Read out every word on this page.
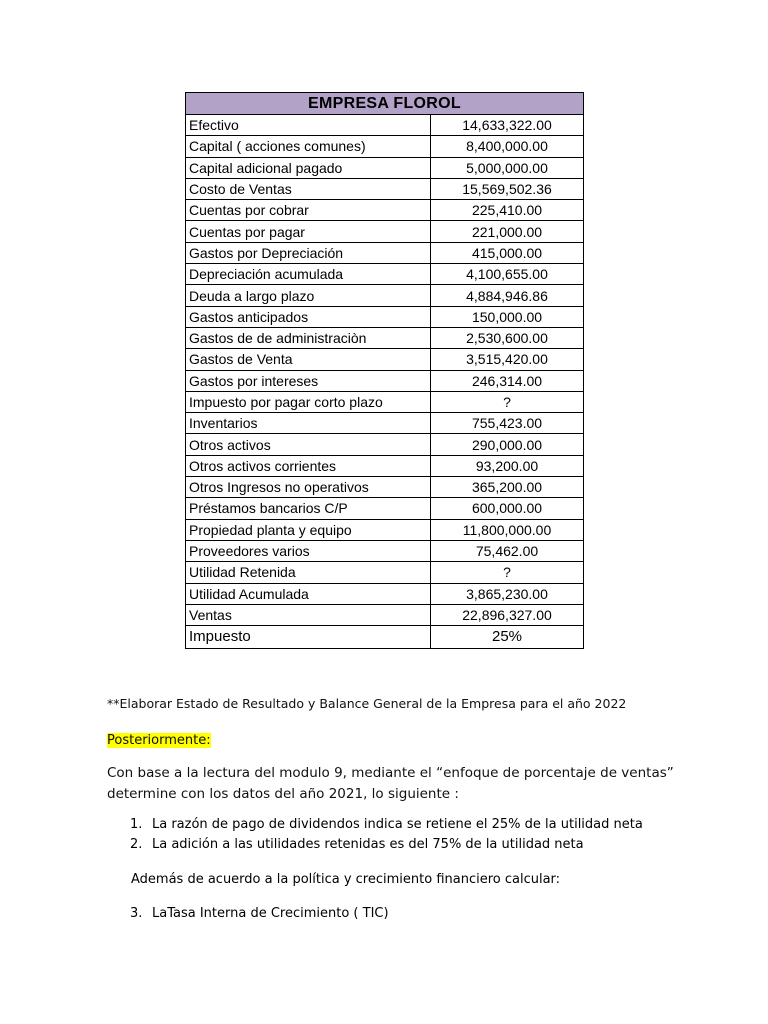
EMPRESA FLOROL	
Efectivo	14,633,322.00
Capital ( acciones comunes)	8,400,000.00
Capital adicional pagado	5,000,000.00
Costo de Ventas	15,569,502.36
Cuentas por cobrar	225,410.00
Cuentas por pagar	221,000.00
Gastos por Depreciación	415,000.00
Depreciación acumulada	4,100,655.00
Deuda a largo plazo	4,884,946.86
Gastos anticipados	150,000.00
Gastos de de administraciòn	2,530,600.00
Gastos de Venta	3,515,420.00
Gastos por intereses	246,314.00
Impuesto por pagar corto plazo	?
Inventarios	755,423.00
Otros activos	290,000.00
Otros activos corrientes	93,200.00
Otros Ingresos no operativos	365,200.00
Préstamos bancarios C/P	600,000.00
Propiedad planta y equipo	11,800,000.00
Proveedores varios	75,462.00
Utilidad Retenida	?
Utilidad Acumulada	3,865,230.00
Ventas	22,896,327.00
Impuesto	25%

**Elaborar Estado de Resultado y Balance General de la Empresa para el año 2022

Posteriormente:

Con base a la lectura del modulo 9, mediante el “enfoque de porcentaje de ventas”
determine con los datos del año 2021, lo siguiente :

1. La razón de pago de dividendos indica se retiene el 25% de la utilidad neta

2. La adición a las utilidades retenidas es del 75% de la utilidad neta

Además de acuerdo a la política y crecimiento financiero calcular:

3. LaTasa Interna de Crecimiento ( TIC)
